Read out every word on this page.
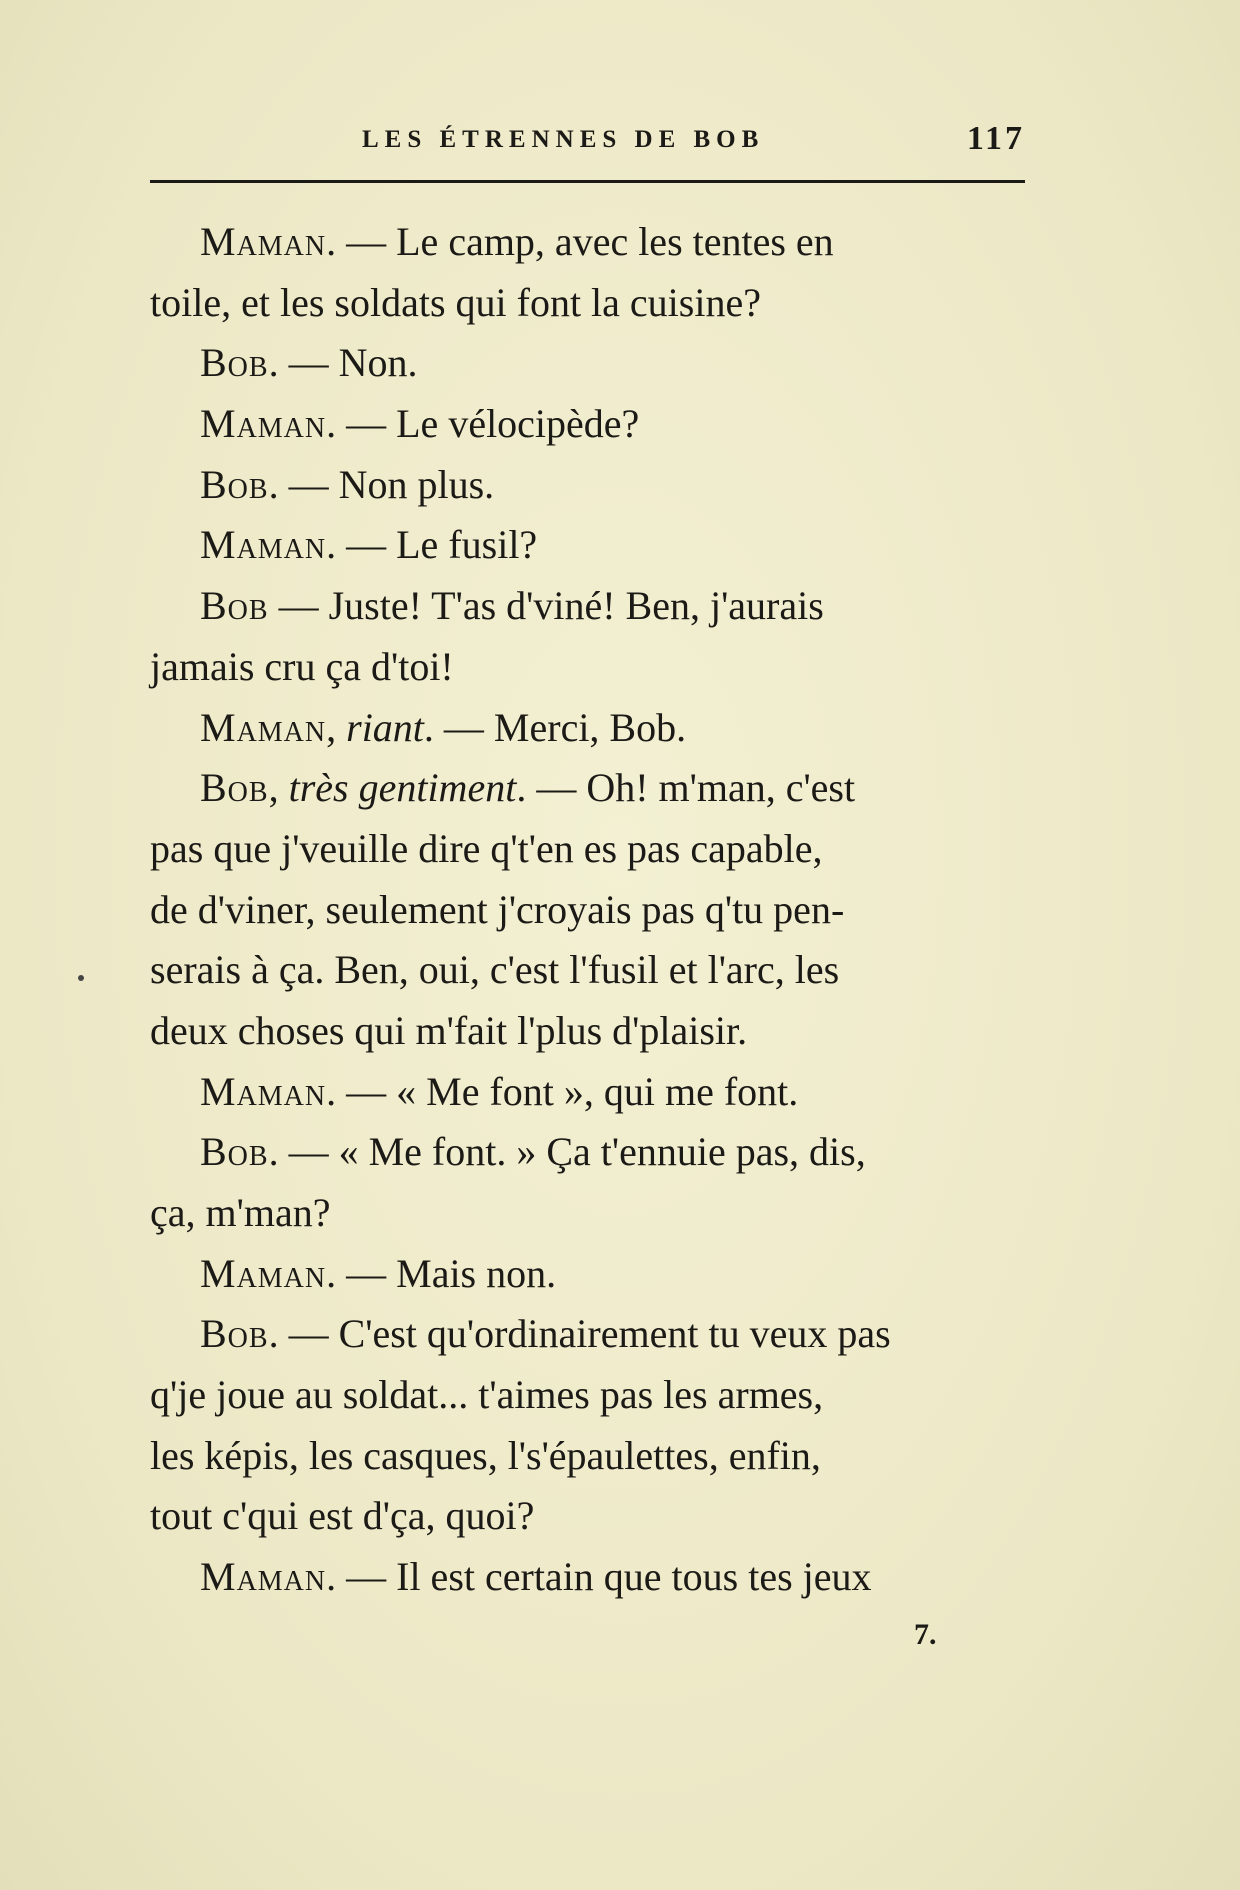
LES ÉTRENNES DE BOB	117
Maman. — Le camp, avec les tentes en
toile, et les soldats qui font la cuisine?
Bob. — Non.
Maman. — Le vélocipède?
Bob. — Non plus.
Maman. — Le fusil?
Bob — Juste! T'as d'viné! Ben, j'aurais
jamais cru ça d'toi!
Maman, riant. — Merci, Bob.
Bob, très gentiment. — Oh! m'man, c'est
pas que j'veuille dire q't'en es pas capable,
de d'viner, seulement j'croyais pas q'tu pen-
serais à ça. Ben, oui, c'est l'fusil et l'arc, les
deux choses qui m'fait l'plus d'plaisir.
Maman. — « Me font », qui me font.
Bob. — « Me font. » Ça t'ennuie pas, dis,
ça, m'man?
Maman. — Mais non.
Bob. — C'est qu'ordinairement tu veux pas
q'je joue au soldat... t'aimes pas les armes,
les képis, les casques, l's'épaulettes, enfin,
tout c'qui est d'ça, quoi?
Maman. — Il est certain que tous tes jeux
7.
